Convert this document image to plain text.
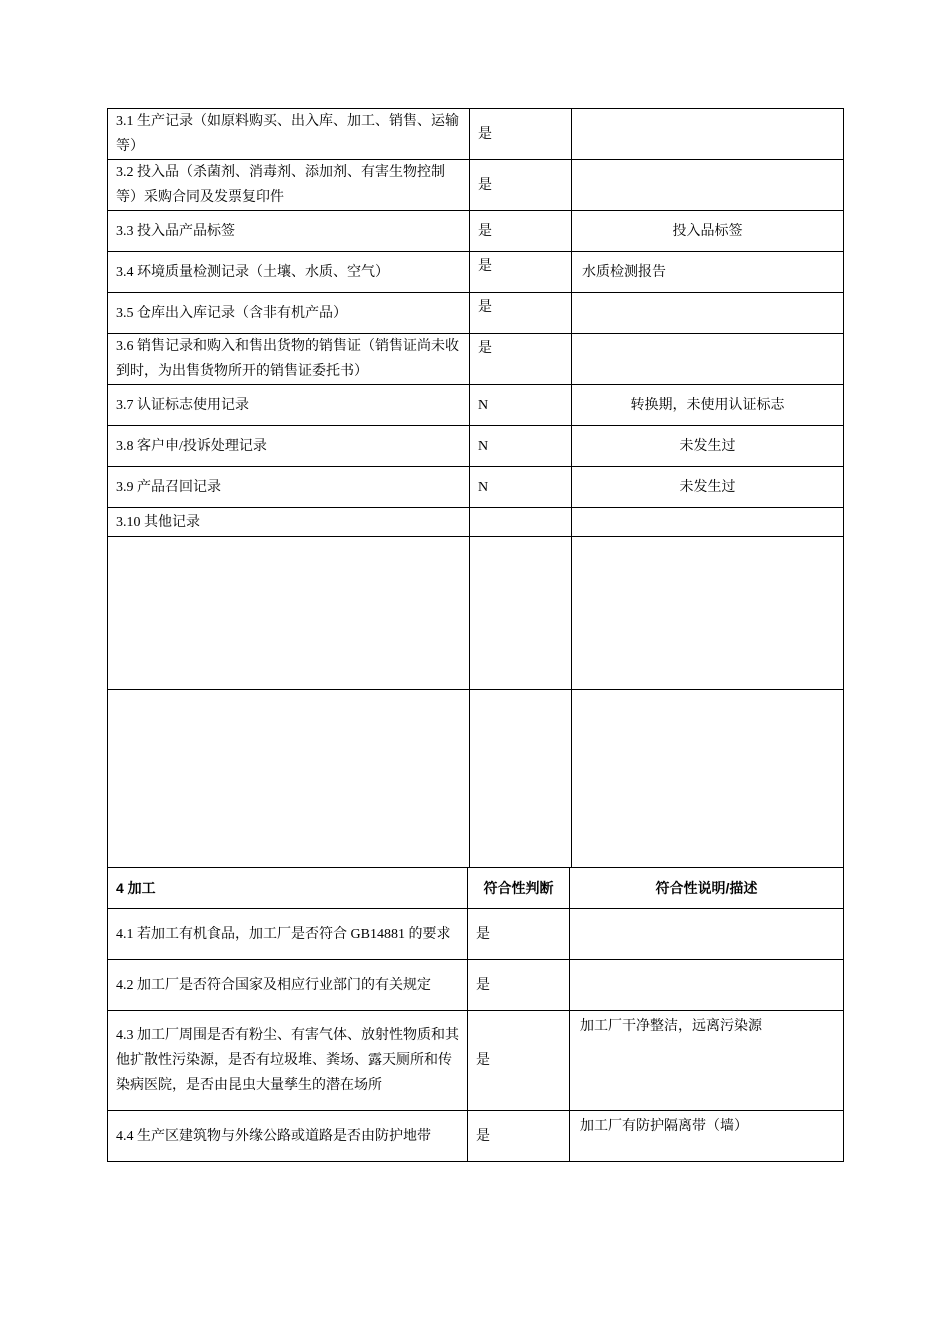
3.1 生产记录（如原料购买、出入库、加工、销售、运输等）	是	
3.2 投入品（杀菌剂、消毒剂、添加剂、有害生物控制等）采购合同及发票复印件	是	
3.3 投入品产品标签	是	投入品标签
3.4 环境质量检测记录（土壤、水质、空气）	是	水质检测报告
3.5 仓库出入库记录（含非有机产品）	是	
3.6 销售记录和购入和售出货物的销售证（销售证尚未收到时，为出售货物所开的销售证委托书）	是	
3.7 认证标志使用记录	N	转换期，未使用认证标志
3.8 客户申/投诉处理记录	N	未发生过
3.9 产品召回记录	N	未发生过
3.10 其他记录		

4 加工	符合性判断	符合性说明/描述
4.1 若加工有机食品，加工厂是否符合 GB14881 的要求	是	
4.2 加工厂是否符合国家及相应行业部门的有关规定	是	
4.3 加工厂周围是否有粉尘、有害气体、放射性物质和其他扩散性污染源，是否有垃圾堆、粪场、露天厕所和传染病医院，是否由昆虫大量孳生的潜在场所	是	加工厂干净整洁，远离污染源
4.4 生产区建筑物与外缘公路或道路是否由防护地带	是	加工厂有防护隔离带（墙）
